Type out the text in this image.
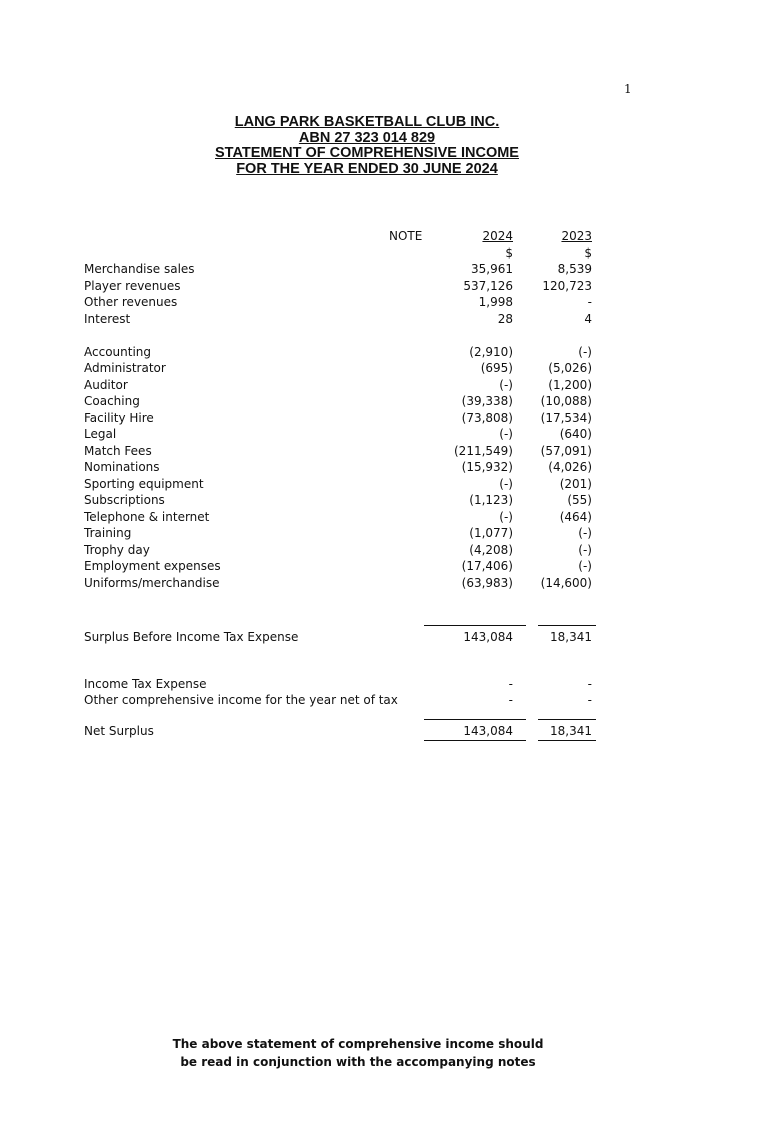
1
LANG PARK BASKETBALL CLUB INC.
ABN 27 323 014 829
STATEMENT OF COMPREHENSIVE INCOME
FOR THE YEAR ENDED 30 JUNE 2024
NOTE	2024	2023
$	$
Merchandise sales	35,961	8,539
Player revenues	537,126 120,723
Other revenues	1,998	-
Interest	28	4
Accounting	(2,910)	(-)
Administrator	(695)	(5,026)
Auditor	(-)	(1,200)
Coaching	(39,338) (10,088)
Facility Hire	(73,808) (17,534)
Legal	(-)	(640)
Match Fees	(211,549) (57,091)
Nominations	(15,932)	(4,026)
Sporting equipment	(-)	(201)
Subscriptions	(1,123)	(55)
Telephone & internet	(-)	(464)
Training	(1,077)	(-)
Trophy day	(4,208)	(-)
Employment expenses	(17,406)	(-)
Uniforms/merchandise	(63,983) (14,600)
Surplus Before Income Tax Expense	143,084	18,341
Income Tax Expense	-	-
Other comprehensive income for the year net of tax	-	-
Net Surplus	143,084	18,341
The above statement of comprehensive income should
be read in conjunction with the accompanying notes
